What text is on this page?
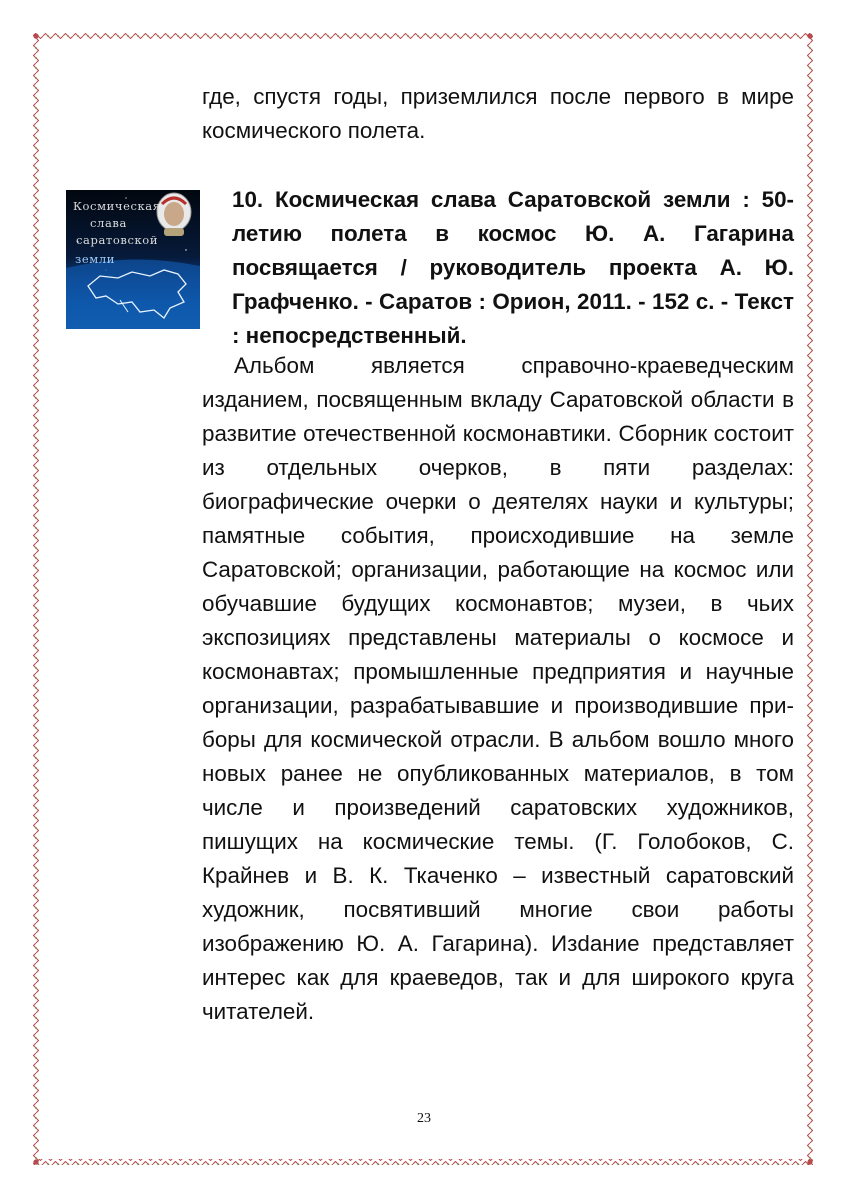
где, спустя годы, приземлился после первого в мире космического полета.
Космическая
слава
саратовской
земли
10. Космическая слава Саратовской земли : 50-летию полета в космос Ю. А. Гагарина посвящается / руководитель проекта А. Ю. Графченко. - Саратов : Орион, 2011. - 152 с. - Текст : непосредственный.
Альбом является справочно-краеведческим изданием, посвященным вкладу Саратовской области в развитие отечественной космонавтики. Сборник состоит из отдельных очерков, в пяти разделах: биографические очерки о деятелях науки и культуры; памятные события, происходившие на земле Саратовской; организации, работающие на космос или обучавшие будущих космонавтов; музеи, в чьих экспозициях представлены материалы о космосе и космонавтах; промышленные предприятия и научные организации, разрабатывавшие и производившие приборы для космической отрасли. В альбом вошло много новых ранее не опубликованных материалов, в том числе и произведений саратовских художников, пишущих на космические темы. (Г. Голобоков, С. Крайнев и В. К. Ткаченко – известный саратовский художник, посвятивший многие свои работы изображению Ю. А. Гагарина). Изdание представляет интерес как для краеведов, так и для широкого круга читателей.
23
